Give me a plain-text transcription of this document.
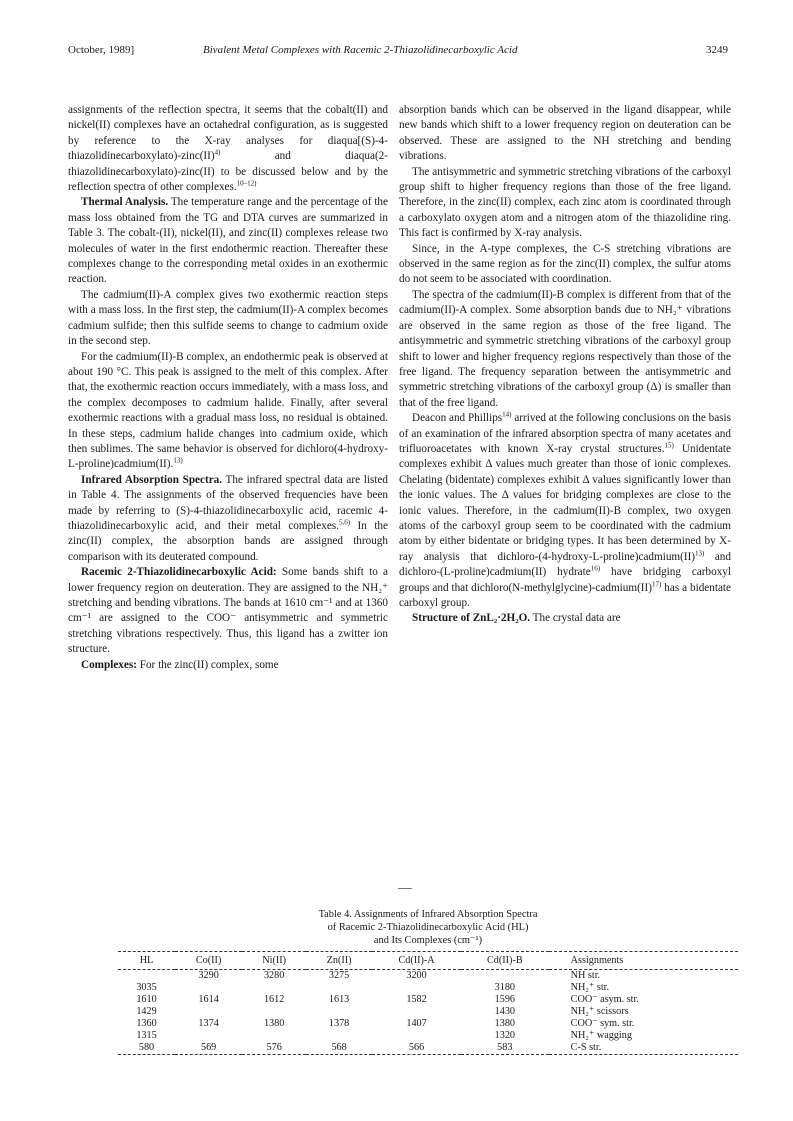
October, 1989]	Bivalent Metal Complexes with Racemic 2-Thiazolidinecarboxylic Acid	3249

assignments of the reflection spectra, it seems that the cobalt(II) and nickel(II) complexes have an octahedral configuration, as is suggested by reference to the X-ray analyses for diaqua[(S)-4-thiazolidinecarboxylato)-zinc(II)$^{4)}$ and diaqua(2-thiazolidinecarboxylato)-zinc(II) to be discussed below and by the reflection spectra of other complexes.$^{10-12)}$

Thermal Analysis. The temperature range and the percentage of the mass loss obtained from the TG and DTA curves are summarized in Table 3. The cobalt-(II), nickel(II), and zinc(II) complexes release two molecules of water in the first endothermic reaction. Thereafter these complexes change to the corresponding metal oxides in an exothermic reaction.

The cadmium(II)-A complex gives two exothermic reaction steps with a mass loss. In the first step, the cadmium(II)-A complex becomes cadmium sulfide; then this sulfide seems to change to cadmium oxide in the second step.

For the cadmium(II)-B complex, an endothermic peak is observed at about 190 °C. This peak is assigned to the melt of this complex. After that, the exothermic reaction occurs immediately, with a mass loss, and the complex decomposes to cadmium halide. Finally, after several exothermic reactions with a gradual mass loss, no residual is obtained. In these steps, cadmium halide changes into cadmium oxide, which then sublimes. The same behavior is observed for dichloro(4-hydroxy-L-proline)cadmium(II).$^{13)}$

Infrared Absorption Spectra. The infrared spectral data are listed in Table 4. The assignments of the observed frequencies have been made by referring to (S)-4-thiazolidinecarboxylic acid, racemic 4-thiazolidinecarboxylic acid, and their metal complexes.$^{5,6)}$ In the zinc(II) complex, the absorption bands are assigned through comparison with its deuterated compound.

Racemic 2-Thiazolidinecarboxylic Acid: Some bands shift to a lower frequency region on deuteration. They are assigned to the NH₂⁺ stretching and bending vibrations. The bands at 1610 cm⁻¹ and at 1360 cm⁻¹ are assigned to the COO⁻ antisymmetric and symmetric stretching vibrations respectively. Thus, this ligand has a zwitter ion structure.

Complexes: For the zinc(II) complex, some

absorption bands which can be observed in the ligand disappear, while new bands which shift to a lower frequency region on deuteration can be observed. These are assigned to the NH stretching and bending vibrations.

The antisymmetric and symmetric stretching vibrations of the carboxyl group shift to higher frequency regions than those of the free ligand. Therefore, in the zinc(II) complex, each zinc atom is coordinated through a carboxylato oxygen atom and a nitrogen atom of the thiazolidine ring. This fact is confirmed by X-ray analysis.

Since, in the A-type complexes, the C-S stretching vibrations are observed in the same region as for the zinc(II) complex, the sulfur atoms do not seem to be associated with coordination.

The spectra of the cadmium(II)-B complex is different from that of the cadmium(II)-A complex. Some absorption bands due to NH₂⁺ vibrations are observed in the same region as those of the free ligand. The antisymmetric and symmetric stretching vibrations of the carboxyl group shift to lower and higher frequency regions respectively than those of the free ligand. The frequency separation between the antisymmetric and symmetric stretching vibrations of the carboxyl group (Δ) is smaller than that of the free ligand.

Deacon and Phillips$^{14)}$ arrived at the following conclusions on the basis of an examination of the infrared absorption spectra of many acetates and trifluoroacetates with known X-ray crystal structures.$^{15)}$ Unidentate complexes exhibit Δ values much greater than those of ionic complexes. Chelating (bidentate) complexes exhibit Δ values significantly lower than the ionic values. The Δ values for bridging complexes are close to the ionic values. Therefore, in the cadmium(II)-B complex, two oxygen atoms of the carboxyl group seem to be coordinated with the cadmium atom by either bidentate or bridging types. It has been determined by X-ray analysis that dichloro-(4-hydroxy-L-proline)cadmium(II)$^{13)}$ and dichloro-(L-proline)cadmium(II) hydrate$^{16)}$ have bridging carboxyl groups and that dichloro(N-methylglycine)-cadmium(II)$^{17)}$ has a bidentate carboxyl group.

Structure of ZnL₂·2H₂O. The crystal data are

Table 4. Assignments of Infrared Absorption Spectra
of Racemic 2-Thiazolidinecarboxylic Acid (HL)
and Its Complexes (cm⁻¹)
HL	Co(II)	Ni(II)	Zn(II)	Cd(II)-A	Cd(II)-B	Assignments
	3290	3280	3275	3200		NH str.
3035					3180	NH₂⁺ str.
1610	1614	1612	1613	1582	1596	COO⁻ asym. str.
1429					1430	NH₂⁺ scissors
1360	1374	1380	1378	1407	1380	COO⁻ sym. str.
1315					1320	NH₂⁺ wagging
580	569	576	568	566	583	C-S str.
